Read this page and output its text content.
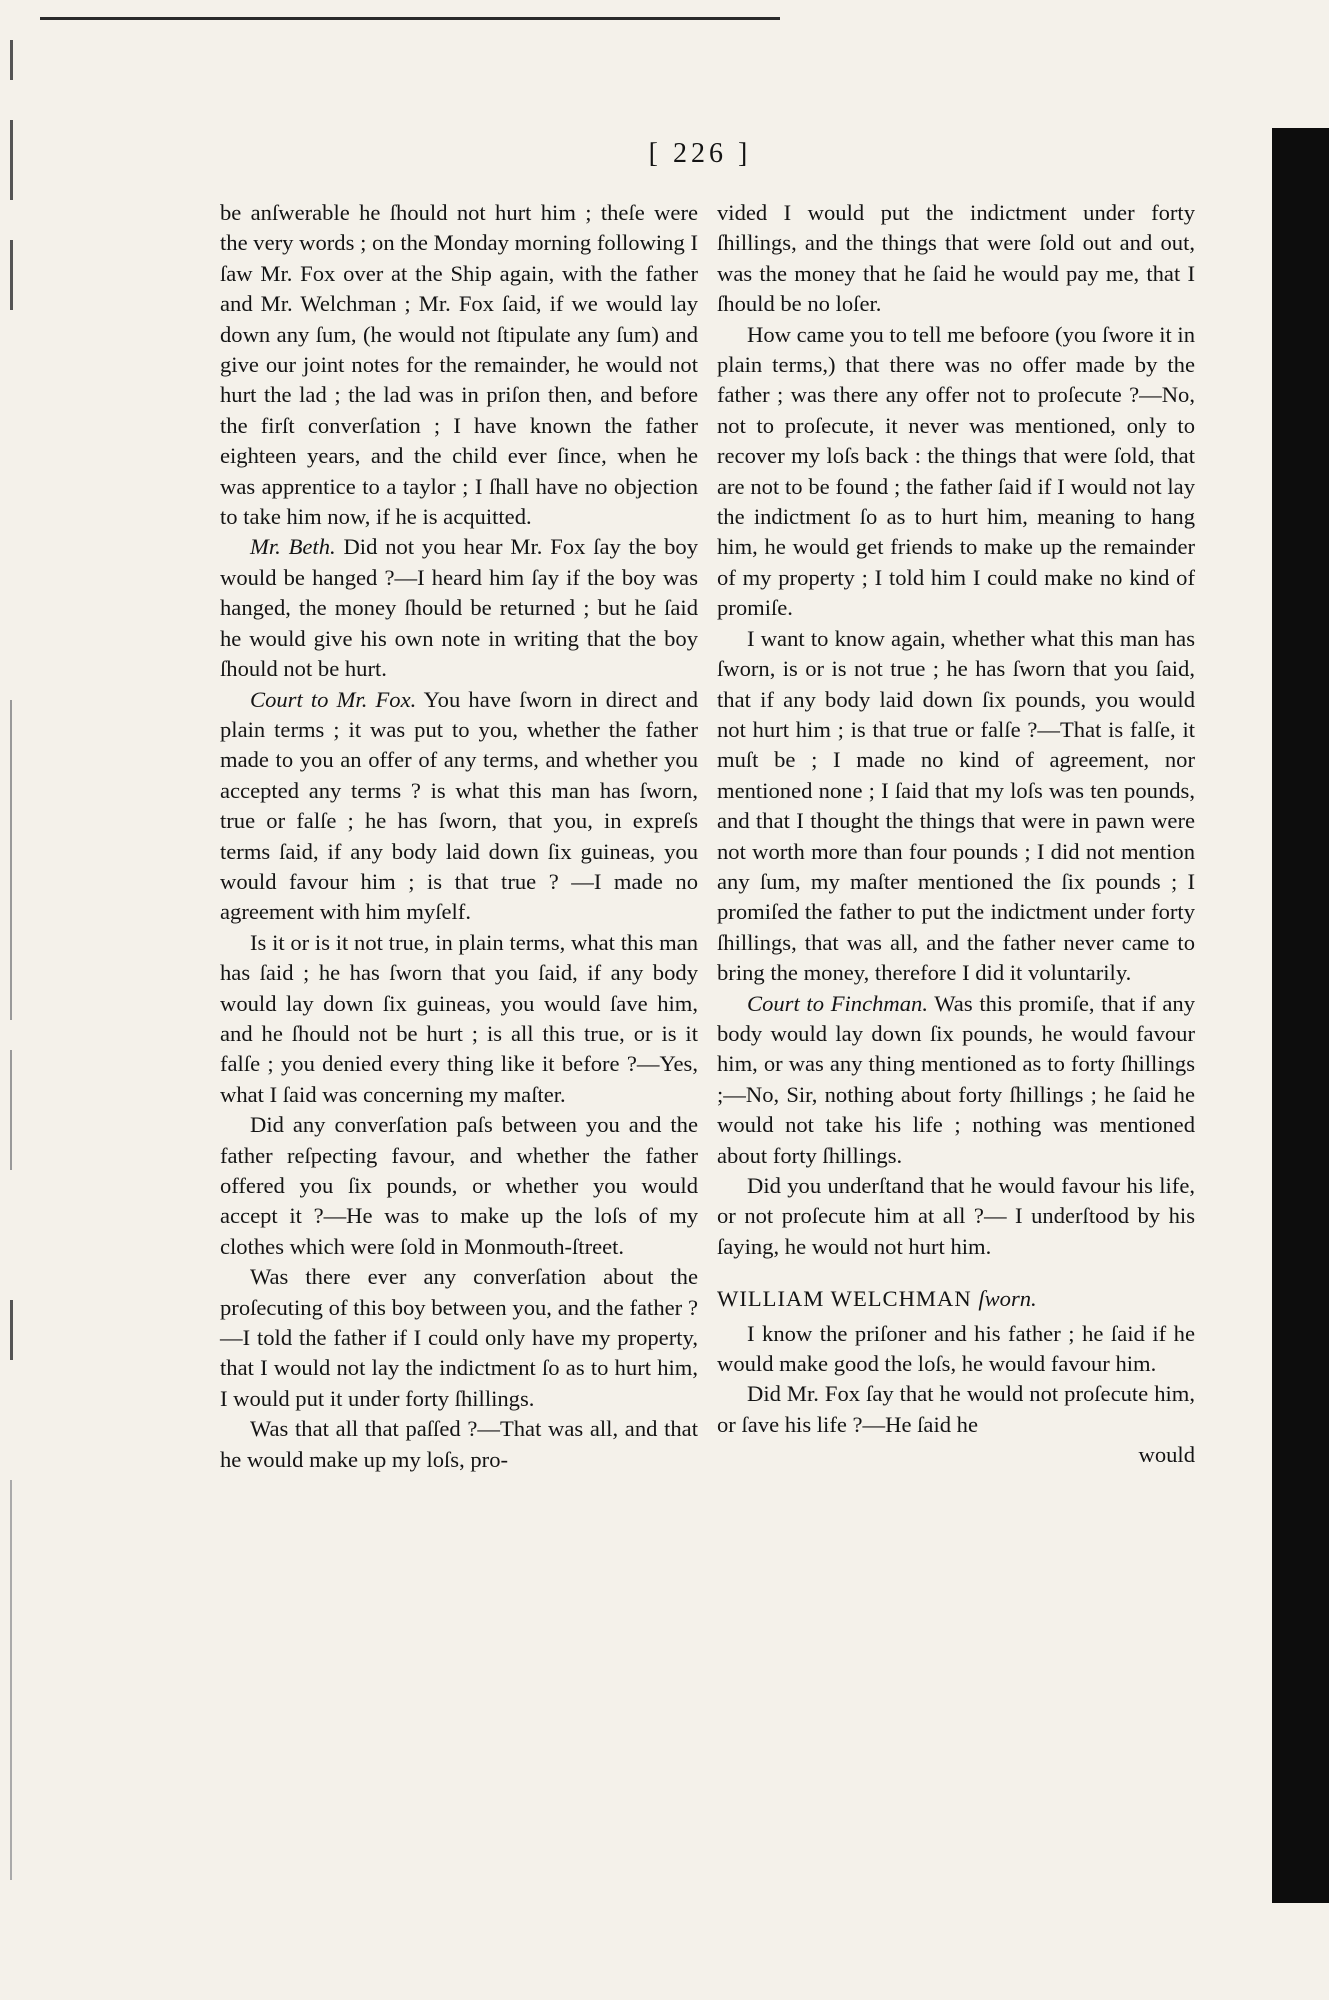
[ 226 ]

be anſwerable he ſhould not hurt him ; theſe were the very words ; on the Monday morning following I ſaw Mr. Fox over at the Ship again, with the father and Mr. Welchman ; Mr. Fox ſaid, if we would lay down any ſum, (he would not ſtipulate any ſum) and give our joint notes for the remainder, he would not hurt the lad ; the lad was in priſon then, and before the firſt converſation ; I have known the father eighteen years, and the child ever ſince, when he was apprentice to a taylor ; I ſhall have no objection to take him now, if he is acquitted.

Mr. Beth. Did not you hear Mr. Fox ſay the boy would be hanged ?—I heard him ſay if the boy was hanged, the money ſhould be returned ; but he ſaid he would give his own note in writing that the boy ſhould not be hurt.

Court to Mr. Fox. You have ſworn in direct and plain terms ; it was put to you, whether the father made to you an offer of any terms, and whether you accepted any terms ? is what this man has ſworn, true or falſe ; he has ſworn, that you, in expreſs terms ſaid, if any body laid down ſix guineas, you would favour him ; is that true ? —I made no agreement with him myſelf.

Is it or is it not true, in plain terms, what this man has ſaid ; he has ſworn that you ſaid, if any body would lay down ſix guineas, you would ſave him, and he ſhould not be hurt ; is all this true, or is it falſe ; you denied every thing like it before ?—Yes, what I ſaid was concerning my maſter.

Did any converſation paſs between you and the father reſpecting favour, and whether the father offered you ſix pounds, or whether you would accept it ?—He was to make up the loſs of my clothes which were ſold in Monmouth-ſtreet.

Was there ever any converſation about the proſecuting of this boy between you, and the father ?—I told the father if I could only have my property, that I would not lay the indictment ſo as to hurt him, I would put it under forty ſhillings.

Was that all that paſſed ?—That was all, and that he would make up my loſs, pro-

vided I would put the indictment under forty ſhillings, and the things that were ſold out and out, was the money that he ſaid he would pay me, that I ſhould be no loſer.

How came you to tell me befoore (you ſwore it in plain terms,) that there was no offer made by the father ; was there any offer not to proſecute ?—No, not to proſecute, it never was mentioned, only to recover my loſs back : the things that were ſold, that are not to be found ; the father ſaid if I would not lay the indictment ſo as to hurt him, meaning to hang him, he would get friends to make up the remainder of my property ; I told him I could make no kind of promiſe.

I want to know again, whether what this man has ſworn, is or is not true ; he has ſworn that you ſaid, that if any body laid down ſix pounds, you would not hurt him ; is that true or falſe ?—That is falſe, it muſt be ; I made no kind of agreement, nor mentioned none ; I ſaid that my loſs was ten pounds, and that I thought the things that were in pawn were not worth more than four pounds ; I did not mention any ſum, my maſter mentioned the ſix pounds ; I promiſed the father to put the indictment under forty ſhillings, that was all, and the father never came to bring the money, therefore I did it voluntarily.

Court to Finchman. Was this promiſe, that if any body would lay down ſix pounds, he would favour him, or was any thing mentioned as to forty ſhillings ;—No, Sir, nothing about forty ſhillings ; he ſaid he would not take his life ; nothing was mentioned about forty ſhillings.

Did you underſtand that he would favour his life, or not proſecute him at all ?— I underſtood by his ſaying, he would not hurt him.

WILLIAM WELCHMAN ſworn.

I know the priſoner and his father ; he ſaid if he would make good the loſs, he would favour him.

Did Mr. Fox ſay that he would not proſecute him, or ſave his life ?—He ſaid he

would
